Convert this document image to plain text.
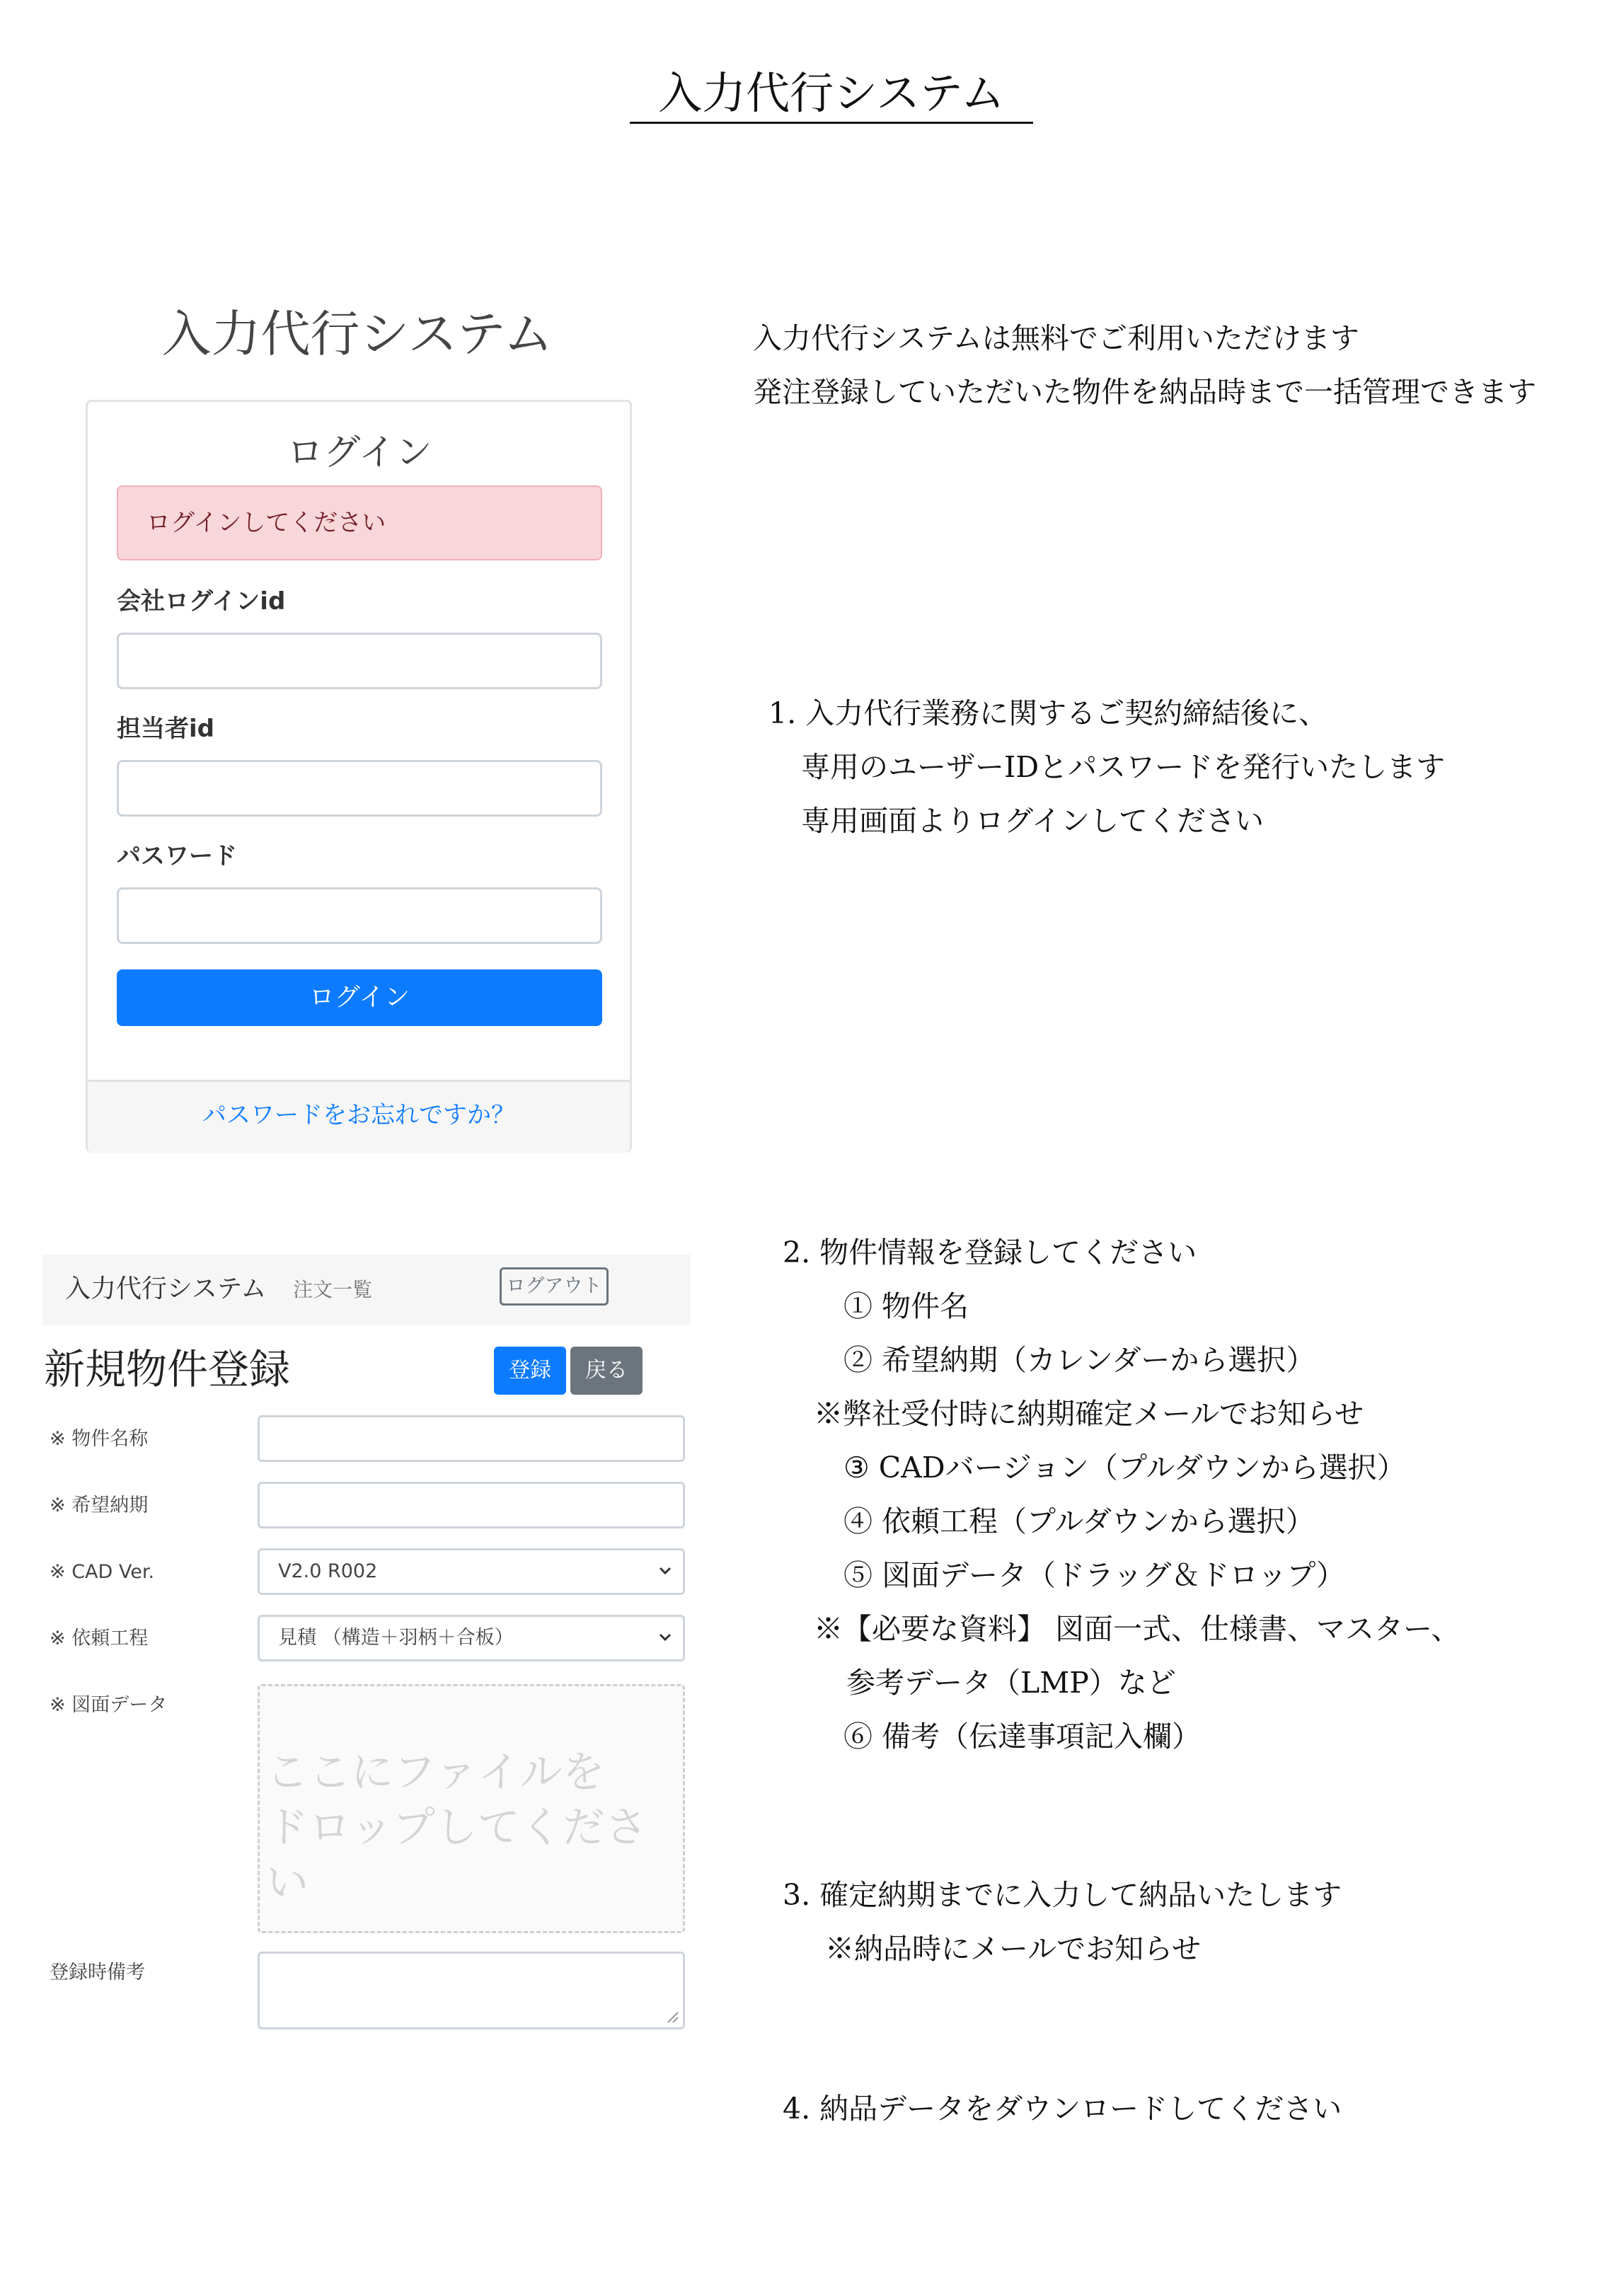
入力代行システム
入力代行システム
ログイン
ログインしてください
会社ログインid
担当者id
パスワード
ログイン
パスワードをお忘れですか？
入力代行システム 注文一覧	ログアウト
新規物件登録	登録	戻る
※ 物件名称
※ 希望納期
※ CAD Ver.	V2.0 R002
※ 依頼工程	見積 （構造＋羽柄＋合板）
※ 図面データ
ここにファイルを
ドロップしてください
登録時備考
入力代行システムは無料でご利用いただけます
発注登録していただいた物件を納品時まで一括管理できます
1. 入力代行業務に関するご契約締結後に、
専用のユーザーIDとパスワードを発行いたします
専用画面よりログインしてください
2. 物件情報を登録してください
① 物件名
② 希望納期（カレンダーから選択）
※弊社受付時に納期確定メールでお知らせ
③ CADバージョン（プルダウンから選択）
④ 依頼工程（プルダウンから選択）
⑤ 図面データ（ドラッグ＆ドロップ）
※【必要な資料】 図面一式、仕様書、マスター、
参考データ（LMP）など
⑥ 備考（伝達事項記入欄）
3. 確定納期までに入力して納品いたします
※納品時にメールでお知らせ
4. 納品データをダウンロードしてください
